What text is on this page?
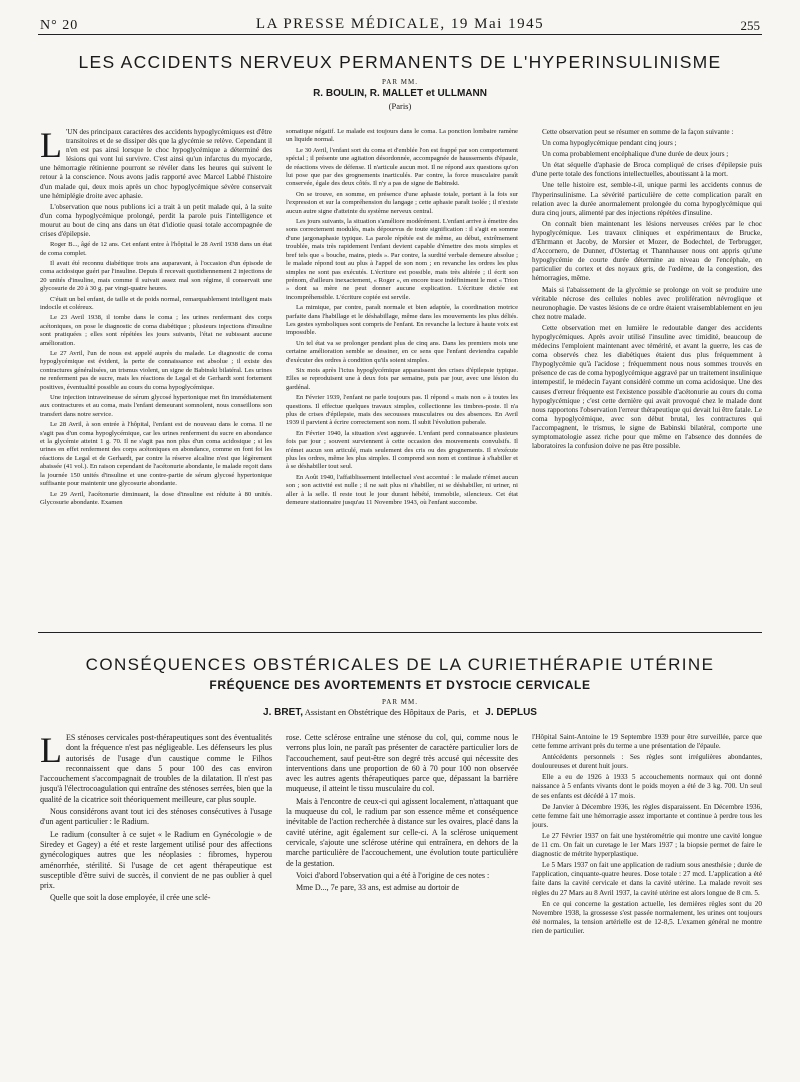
N° 20	LA PRESSE MÉDICALE, 19 Mai 1945	255
LES ACCIDENTS NERVEUX PERMANENTS DE L'HYPERINSULINISME
PAR MM.
R. BOULIN, R. MALLET et ULLMANN
(Paris)

L 'UN des principaux caractères des accidents hypoglycémiques est d'être transitoires et de se dissiper dès que la glycémie se relève. Cependant il n'en est pas ainsi lorsque le choc hypoglycémique a déterminé des lésions qui vont lui survivre. C'est ainsi qu'un infarctus du myocarde, une hémorragie rétinienne pourront se révéler dans les heures qui suivent le retour à la conscience. Nous avons jadis rapporté avec Marcel Labbé l'histoire d'un malade qui, deux mois après un choc hypoglycémique sévère conservait une hémiplégie droite avec aphasie.

L'observation que nous publions ici a trait à un petit malade qui, à la suite d'un coma hypoglycémique prolongé, perdit la parole puis l'intelligence et mourut au bout de cinq ans dans un état d'idiotie quasi totale accompagnée de crises d'épilepsie.

Roger B..., âgé de 12 ans. Cet enfant entre à l'hôpital le 28 Avril 1938 dans un état de coma complet.

Il avait été reconnu diabétique trois ans auparavant, à l'occasion d'un épisode de coma acidosique guéri par l'insuline. Depuis il recevait quotidiennement 2 injections de 20 unités d'insuline, mais comme il suivait assez mal son régime, il conservait une glycosurie de 20 à 30 g. par vingt-quatre heures.

C'était un bel enfant, de taille et de poids normal, remarquablement intelligent mais indocile et coléreux.

Le 23 Avril 1938, il tombe dans le coma ; les urines renfermant des corps acétoniques, on pose le diagnostic de coma diabétique ; plusieurs injections d'insuline sont pratiquées ; elles sont répétées les jours suivants, l'état ne subissant aucune amélioration.

Le 27 Avril, l'un de nous est appelé auprès du malade. Le diagnostic de coma hypoglycémique est évident, la perte de connaissance est absolue ; il existe des contractures généralisées, un trismus violent, un signe de Babinski bilatéral. Les urines ne renferment pas de sucre, mais les réactions de Legal et de Gerhardt sont fortement positives, éventualité possible au cours du coma hypoglycémique.

Une injection intraveineuse de sérum glycosé hypertonique met fin immédiatement aux contractures et au coma, mais l'enfant demeurant somnolent, nous conseillons son transfert dans notre service.

Le 28 Avril, à son entrée à l'hôpital, l'enfant est de nouveau dans le coma. Il ne s'agit pas d'un coma hypoglycémique, car les urines renferment du sucre en abondance et la glycémie atteint 1 g. 70. Il ne s'agit pas non plus d'un coma acidosique ; si les urines en effet renferment des corps acétoniques en abondance, comme en font foi les réactions de Legal et de Gerhardt, par contre la réserve alcaline n'est que légèrement abaissée (41 vol.). En raison cependant de l'acétonurie abondante, le malade reçoit dans la journée 150 unités d'insuline et une contre-partie de sérum glycosé hypertonique suffisante pour maintenir une glycosurie abondante.

Le 29 Avril, l'acétonurie diminuant, la dose d'insuline est réduite à 80 unités. Glycosurie abondante. Examen

somatique négatif. Le malade est toujours dans le coma. La ponction lombaire ramène un liquide normal.

Le 30 Avril, l'enfant sort du coma et d'emblée l'on est frappé par son comportement spécial ; il présente une agitation désordonnée, accompagnée de haussements d'épaule, de réactions vives de défense. Il n'articule aucun mot. Il ne répond aux questions qu'on lui pose que par des grognements inarticulés. Par contre, la force musculaire paraît conservée, égale des deux côtés. Il n'y a pas de signe de Babinski.

On se trouve, en somme, en présence d'une aphasie totale, portant à la fois sur l'expression et sur la compréhension du langage ; cette aphasie paraît isolée ; il n'existe aucun autre signe d'atteinte du système nerveux central.

Les jours suivants, la situation s'améliore modérément. L'enfant arrive à émettre des sons correctement modulés, mais dépourvus de toute signification : il s'agit en somme d'une jargonaphasie typique. La parole répétée est de même, au début, extrêmement troublée, mais très rapidement l'enfant devient capable d'émettre des mots simples et bref tels que « bouche, mains, pieds ». Par contre, la surdité verbale demeure absolue ; le malade répond tout au plus à l'appel de son nom ; en revanche les ordres les plus simples ne sont pas exécutés. L'écriture est possible, mais très altérée ; il écrit son prénom, d'ailleurs inexactement, « Roger », en encore trace indéfiniment le mot « Trion » dont sa mère ne peut donner aucune explication. L'écriture dictée est incompréhensible. L'écriture copiée est servile.

La mimique, par contre, paraît normale et bien adaptée, la coordination motrice parfaite dans l'habillage et le déshabillage, même dans les mouvements les plus déliés. Les gestes symboliques sont compris de l'enfant. En revanche la lecture à haute voix est impossible.

Un tel état va se prolonger pendant plus de cinq ans. Dans les premiers mois une certaine amélioration semble se dessiner, en ce sens que l'enfant deviendra capable d'exécuter des ordres à condition qu'ils soient simples.

Six mois après l'ictus hypoglycémique apparaissent des crises d'épilepsie typique. Elles se reproduisent une à deux fois par semaine, puis par jour, avec une lésion du gardénal.

En Février 1939, l'enfant ne parle toujours pas. Il répond « mais non » à toutes les questions. Il effectue quelques travaux simples, collectionne les timbres-poste. Il n'a plus de crises d'épilepsie, mais des secousses musculaires ou des absences. En Avril 1939 il parvient à écrire correctement son nom. Il subit l'évolution puberale.

En Février 1940, la situation s'est aggravée. L'enfant perd connaissance plusieurs fois par jour ; souvent surviennent à cette occasion des mouvements convulsifs. Il n'émet aucun son articulé, mais seulement des cris ou des grognements. Il n'exécute plus les ordres, même les plus simples. Il comprend son nom et continue à s'habiller et à se déshabiller tout seul.

En Août 1940, l'affaiblissement intellectuel s'est accentué : le malade n'émet aucun son ; son activité est nulle ; il ne sait plus ni s'habiller, ni se déshabiller, ni uriner, ni aller à la selle. Il reste tout le jour durant hébété, immobile, silencieux. Cet état demeure stationnaire jusqu'au 11 Novembre 1943, où l'enfant succombe.

Cette observation peut se résumer en somme de la façon suivante :

Un coma hypoglycémique pendant cinq jours ;

Un coma probablement encéphalique d'une durée de deux jours ;

Un état séquelle d'aphasie de Broca compliqué de crises d'épilepsie puis d'une perte totale des fonctions intellectuelles, aboutissant à la mort.

Une telle histoire est, semble-t-il, unique parmi les accidents connus de l'hyperinsulinisme. La sévérité particulière de cette complication paraît en relation avec la durée anormalement prolongée du coma hypoglycémique qui dura cinq jours, alimenté par des injections répétées d'insuline.

On connaît bien maintenant les lésions nerveuses créées par le choc hypoglycémique. Les travaux cliniques et expérimentaux de Brucke, d'Ehrmann et Jacoby, de Morsier et Mozer, de Bodechtel, de Terbrugger, d'Accornero, de Dunner, d'Ostertag et Thannhauser nous ont appris qu'une hypoglycémie de courte durée détermine au niveau de l'encéphale, en particulier du cortex et des noyaux gris, de l'œdème, de la congestion, des hémorragies, même.

Mais si l'abaissement de la glycémie se prolonge on voit se produire une véritable nécrose des cellules nobles avec prolifération névroglique et neuronophagie. De vastes lésions de ce ordre étaient vraisemblablement en jeu chez notre malade.

Cette observation met en lumière le redoutable danger des accidents hypoglycémiques. Après avoir utilisé l'insuline avec timidité, beaucoup de médecins l'emploient maintenant avec témérité, et avant la guerre, les cas de coma observés chez les diabétiques étaient dus plus fréquemment à l'hypoglycémie qu'à l'acidose ; fréquemment nous nous sommes trouvés en présence de cas de coma hypoglycémique aggravé par un traitement insulinique intempestif, le médecin l'ayant considéré comme un coma acidosique. Une des causes d'erreur fréquente est l'existence possible d'acétonurie au cours du coma hypoglycémique ; c'est cette dernière qui avait provoqué chez le malade dont nous rapportons l'observation l'erreur thérapeutique qui devait lui être fatale. Le coma hypoglycémique, avec son début brutal, les contractures qui l'accompagnent, le trismus, le signe de Babinski bilatéral, comporte une symptomatologie assez riche pour que même en l'absence des données de laboratoires la confusion doive ne pas être possible.

CONSÉQUENCES OBSTÉRICALES DE LA CURIETHÉRAPIE UTÉRINE
FRÉQUENCE DES AVORTEMENTS ET DYSTOCIE CERVICALE
PAR MM.
J. BRET, Assistant en Obstétrique des Hôpitaux de Paris, et J. DEPLUS

LES sténoses cervicales post-thérapeutiques sont des éventualités dont la fréquence n'est pas négligeable. Les défenseurs les plus autorisés de l'usage d'un caustique comme le Filhos reconnaissent que dans 5 pour 100 des cas environ l'accouchement s'accompagnait de troubles de la dilatation. Il n'est pas jusqu'à l'électrocoagulation qui entraîne des sténoses serrées, bien que la qualité de la cicatrice soit théoriquement meilleure, car plus souple.

Nous considérons avant tout ici des sténoses consécutives à l'usage d'un agent particulier : le Radium.

Le radium (consulter à ce sujet « le Radium en Gynécologie » de Siredey et Gagey) a été et reste largement utilisé pour des affections gynécologiques autres que les néoplasies : fibromes, hyperou aménorrhée, stérilité. Si l'usage de cet agent thérapeutique est susceptible d'être suivi de succès, il convient de ne pas oublier à quel prix.

Quelle que soit la dose employée, il crée une sclé-

rose. Cette sclérose entraîne une sténose du col, qui, comme nous le verrons plus loin, ne paraît pas présenter de caractère particulier lors de l'accouchement, sauf peut-être son degré très accusé qui nécessite des interventions dans une proportion de 60 à 70 pour 100 non observée avec les autres agents thérapeutiques parce que, dépassant la barrière muqueuse, il atteint le tissu musculaire du col.

Mais à l'encontre de ceux-ci qui agissent localement, n'attaquant que la muqueuse du col, le radium par son essence même et conséquence inévitable de l'action recherchée à distance sur les ovaires, placé dans la cavité utérine, agit également sur celle-ci. A la sclérose uniquement cervicale, s'ajoute une sclérose utérine qui entraînera, en dehors de la marche particulière de l'accouchement, une évolution toute particulière de la gestation.

Voici d'abord l'observation qui a été à l'origine de ces notes :

Mme D..., 7e pare, 33 ans, est admise au dortoir de

l'Hôpital Saint-Antoine le 19 Septembre 1939 pour être surveillée, parce que cette femme arrivant près du terme a une présentation de l'épaule.

Antécédents personnels : Ses règles sont irrégulières abondantes, douloureuses et durent huit jours.

Elle a eu de 1926 à 1933 5 accouchements normaux qui ont donné naissance à 5 enfants vivants dont le poids moyen a été de 3 kg. 700. Un seul de ses enfants est décédé à 17 mois.

De Janvier à Décembre 1936, les règles disparaissent. En Décembre 1936, cette femme fait une hémorragie assez importante et continue à perdre tous les jours.

Le 27 Février 1937 on fait une hystérométrie qui montre une cavité longue de 11 cm. On fait un curetage le 1er Mars 1937 ; la biopsie permet de faire le diagnostic de métrite hyperplastique.

Le 5 Mars 1937 on fait une application de radium sous anesthésie ; durée de l'application, cinquante-quatre heures. Dose totale : 27 mcd. L'application a été faite dans la cavité cervicale et dans la cavité utérine. La malade revoit ses règles du 27 Mars au 8 Avril 1937, la cavité utérine est alors longue de 8 cm. 5.

En ce qui concerne la gestation actuelle, les dernières règles sont du 20 Novembre 1938, la grossesse s'est passée normalement, les urines ont toujours été normales, la tension artérielle est de 12-8,5. L'examen général ne montre rien de particulier.
